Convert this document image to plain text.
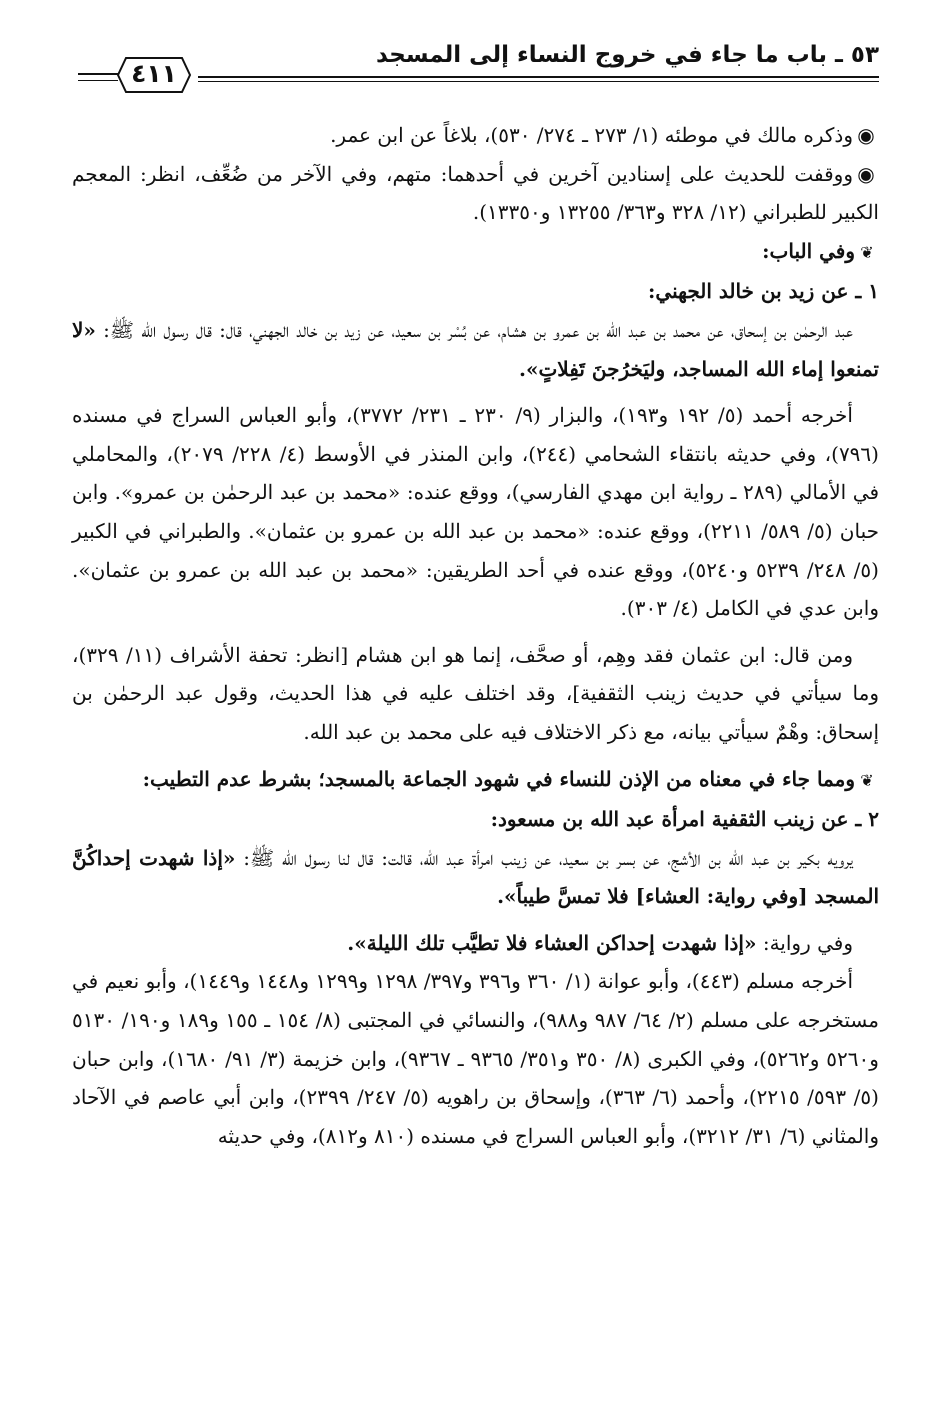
٥٣ ـ باب ما جاء في خروج النساء إلى المسجد
٤١١

◉وذكره مالك في موطئه (١/ ٢٧٣ ـ ٢٧٤/ ٥٣٠)، بلاغاً عن ابن عمر.

◉ووقفت للحديث على إسنادين آخرين في أحدهما: متهم، وفي الآخر من ضُعِّف، انظر: المعجم الكبير للطبراني (١٢/ ٣٢٨ و٣٦٣/ ١٣٢٥٥ و١٣٣٥٠).

❦وفي الباب:

١ ـ عن زيد بن خالد الجهني:

عبد الرحمٰن بن إسحاق، عن محمد بن عبد الله بن عمرو بن هشام، عن بُسْر بن سعيد، عن زيد بن خالد الجهني، قال: قال رسول الله ﷺ: «لا تمنعوا إماء الله المساجد، وليَخرُجنَ تَفِلاتٍ».

أخرجه أحمد (٥/ ١٩٢ و١٩٣)، والبزار (٩/ ٢٣٠ ـ ٢٣١/ ٣٧٧٢)، وأبو العباس السراج في مسنده (٧٩٦)، وفي حديثه بانتقاء الشحامي (٢٤٤)، وابن المنذر في الأوسط (٤/ ٢٢٨/ ٢٠٧٩)، والمحاملي في الأمالي (٢٨٩ ـ رواية ابن مهدي الفارسي)، ووقع عنده: «محمد بن عبد الرحمٰن بن عمرو». وابن حبان (٥/ ٥٨٩/ ٢٢١١)، ووقع عنده: «محمد بن عبد الله بن عمرو بن عثمان». والطبراني في الكبير (٥/ ٢٤٨/ ٥٢٣٩ و٥٢٤٠)، ووقع عنده في أحد الطريقين: «محمد بن عبد الله بن عمرو بن عثمان». وابن عدي في الكامل (٤/ ٣٠٣).

ومن قال: ابن عثمان فقد وهِم، أو صحَّف، إنما هو ابن هشام [انظر: تحفة الأشراف (١١/ ٣٢٩)، وما سيأتي في حديث زينب الثقفية]، وقد اختلف عليه في هذا الحديث، وقول عبد الرحمٰن بن إسحاق: وهْمٌ سيأتي بيانه، مع ذكر الاختلاف فيه على محمد بن عبد الله.

❦ومما جاء في معناه من الإذن للنساء في شهود الجماعة بالمسجد؛ بشرط عدم التطيب:

٢ ـ عن زينب الثقفية امرأة عبد الله بن مسعود:

يرويه بكير بن عبد الله بن الأشج، عن بسر بن سعيد، عن زينب امرأة عبد الله، قالت: قال لنا رسول الله ﷺ: «إذا شهدت إحداكُنَّ المسجد [وفي رواية: العشاء] فلا تمسَّ طيباً».

وفي رواية: «إذا شهدت إحداكن العشاء فلا تطيَّب تلك الليلة».

أخرجه مسلم (٤٤٣)، وأبو عوانة (١/ ٣٦٠ و٣٩٦ و٣٩٧/ ١٢٩٨ و١٢٩٩ و١٤٤٨ و١٤٤٩)، وأبو نعيم في مستخرجه على مسلم (٢/ ٦٤/ ٩٨٧ و٩٨٨)، والنسائي في المجتبى (٨/ ١٥٤ ـ ١٥٥ و١٨٩ و١٩٠/ ٥١٣٠ و٥٢٦٠ و٥٢٦٢)، وفي الكبرى (٨/ ٣٥٠ و٣٥١/ ٩٣٦٥ ـ ٩٣٦٧)، وابن خزيمة (٣/ ٩١/ ١٦٨٠)، وابن حبان (٥/ ٥٩٣/ ٢٢١٥)، وأحمد (٦/ ٣٦٣)، وإسحاق بن راهويه (٥/ ٢٤٧/ ٢٣٩٩)، وابن أبي عاصم في الآحاد والمثاني (٦/ ٣١/ ٣٢١٢)، وأبو العباس السراج في مسنده (٨١٠ و٨١٢)، وفي حديثه
